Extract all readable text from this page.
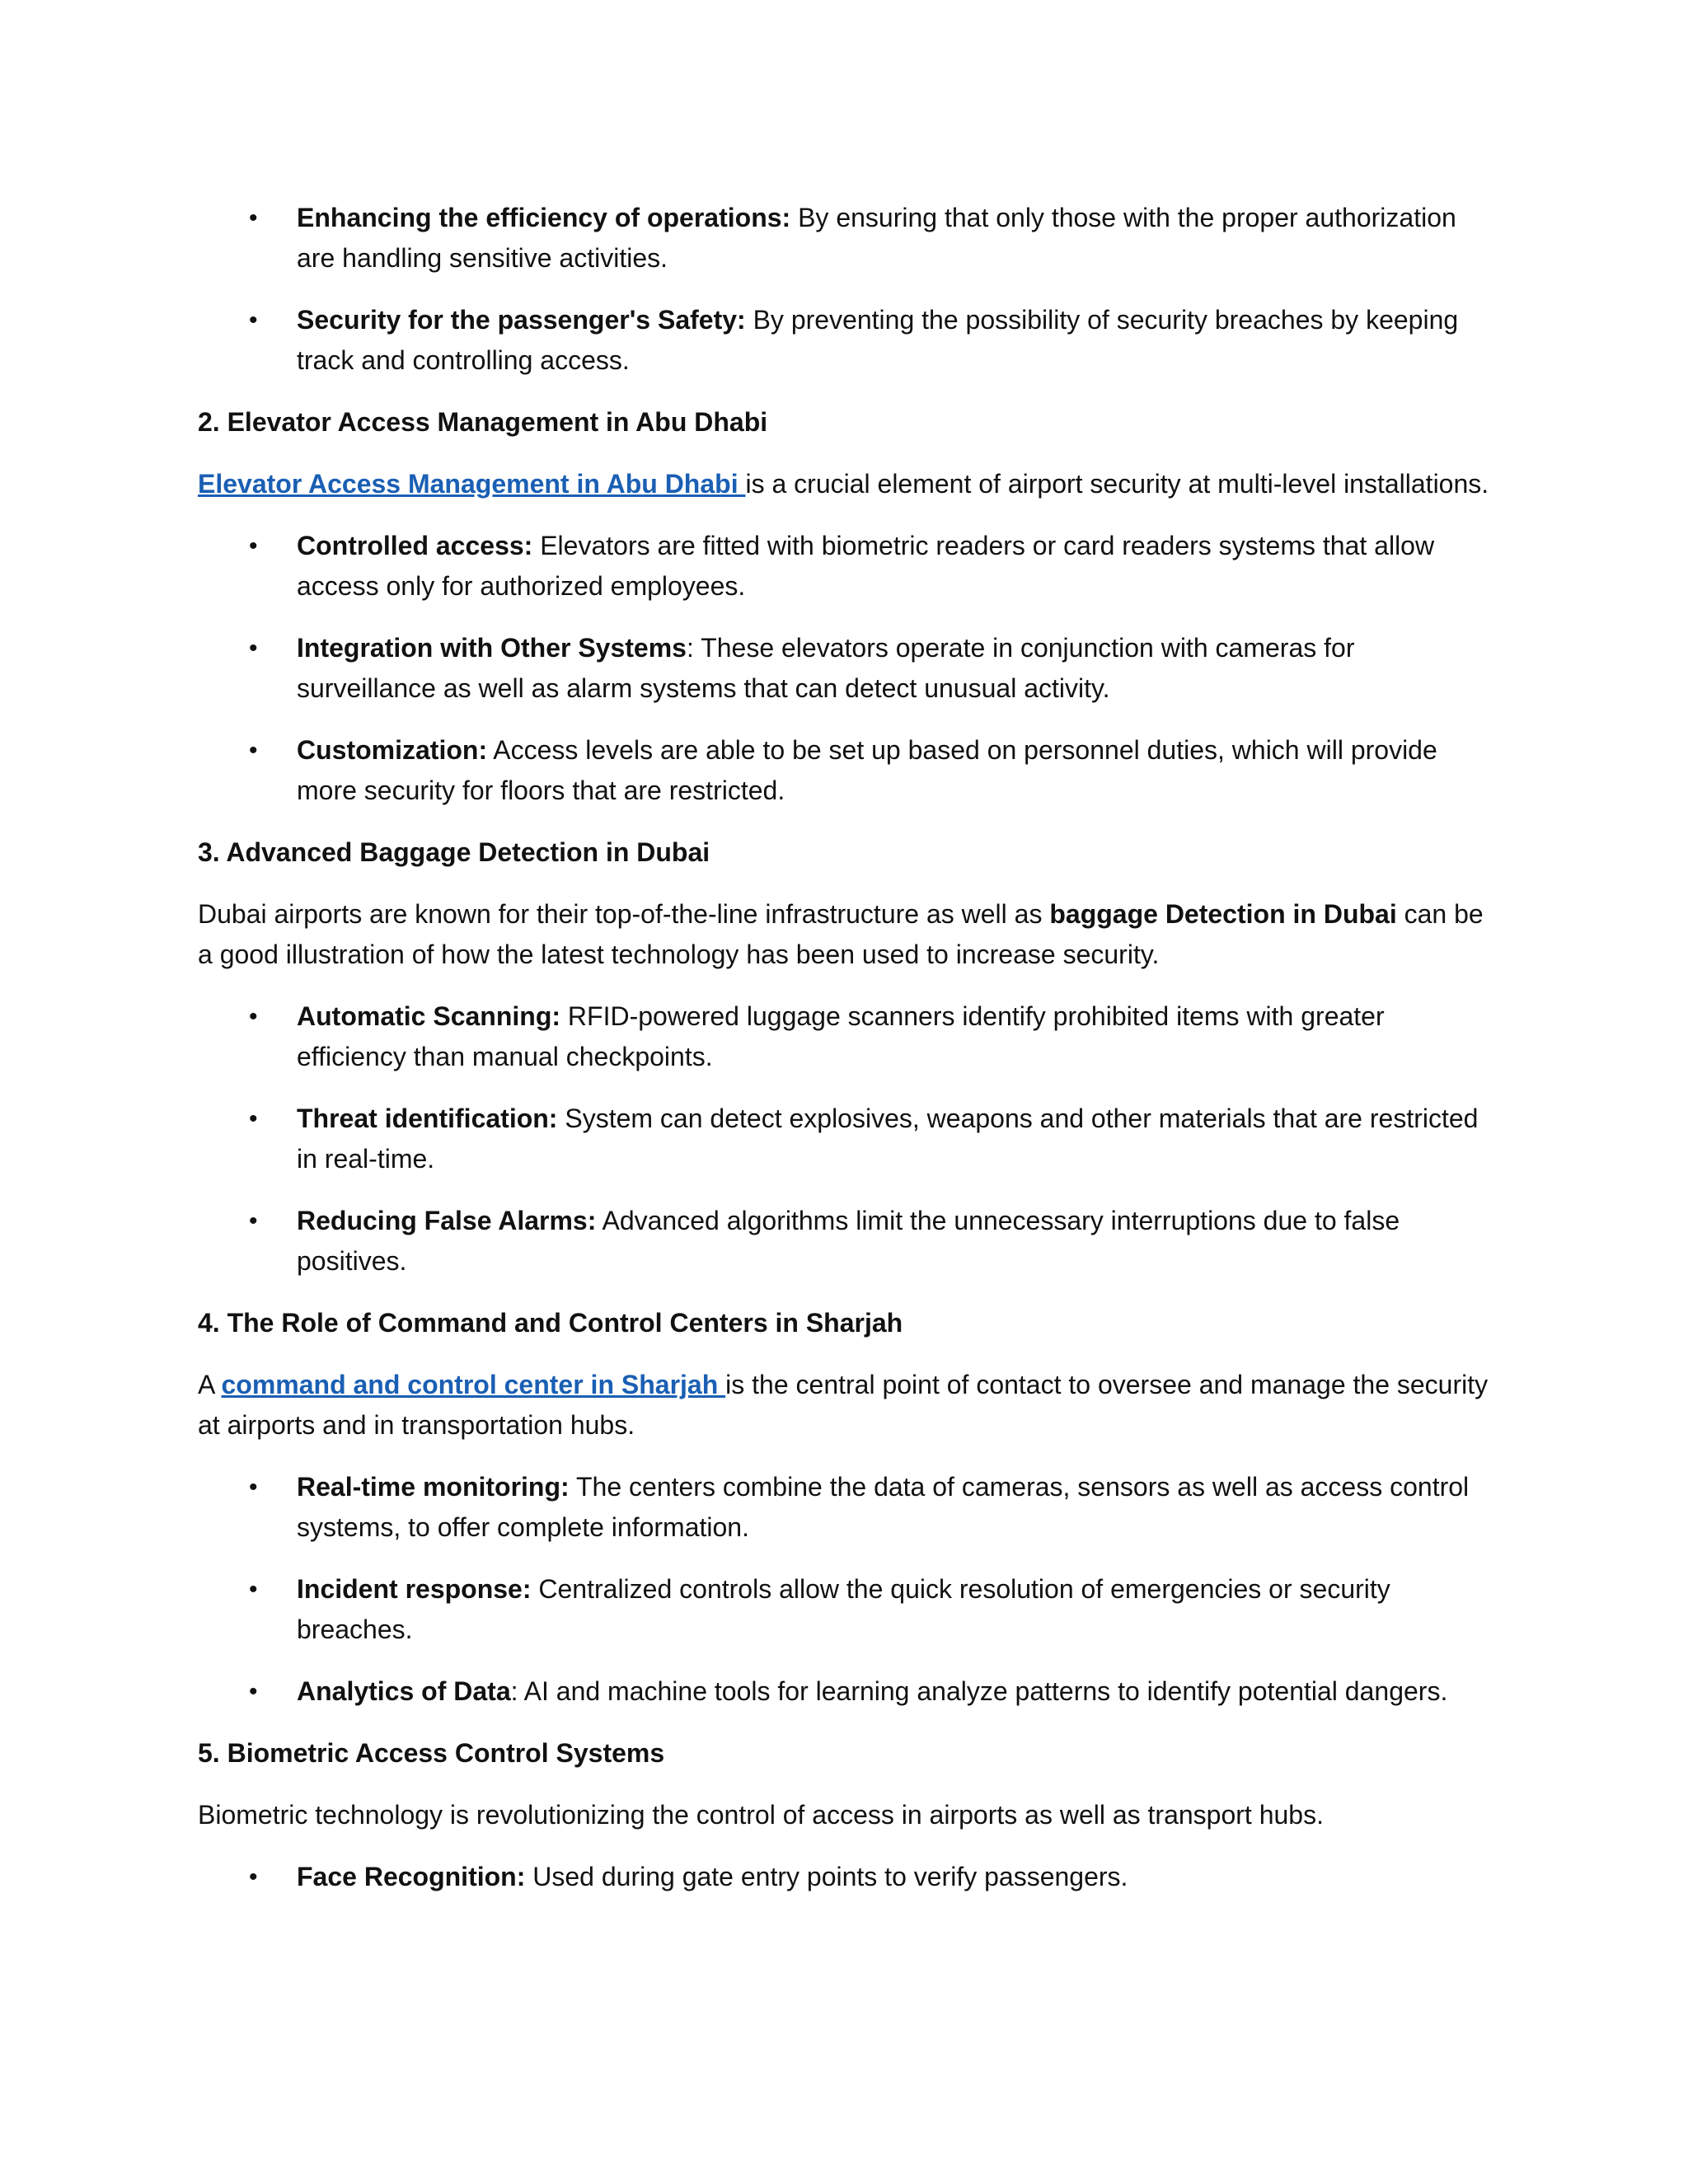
• Enhancing the efficiency of operations: By ensuring that only those with the proper authorization are handling sensitive activities.
• Security for the passenger's Safety: By preventing the possibility of security breaches by keeping track and controlling access.
2. Elevator Access Management in Abu Dhabi

Elevator Access Management in Abu Dhabi is a crucial element of airport security at multi-level installations.

• Controlled access: Elevators are fitted with biometric readers or card readers systems that allow access only for authorized employees.
• Integration with Other Systems: These elevators operate in conjunction with cameras for surveillance as well as alarm systems that can detect unusual activity.
• Customization: Access levels are able to be set up based on personnel duties, which will provide more security for floors that are restricted.
3. Advanced Baggage Detection in Dubai

Dubai airports are known for their top-of-the-line infrastructure as well as baggage Detection in Dubai can be a good illustration of how the latest technology has been used to increase security.

• Automatic Scanning: RFID-powered luggage scanners identify prohibited items with greater efficiency than manual checkpoints.
• Threat identification: System can detect explosives, weapons and other materials that are restricted in real-time.
• Reducing False Alarms: Advanced algorithms limit the unnecessary interruptions due to false positives.
4. The Role of Command and Control Centers in Sharjah

A command and control center in Sharjah is the central point of contact to oversee and manage the security at airports and in transportation hubs.

• Real-time monitoring: The centers combine the data of cameras, sensors as well as access control systems, to offer complete information.
• Incident response: Centralized controls allow the quick resolution of emergencies or security breaches.
• Analytics of Data: AI and machine tools for learning analyze patterns to identify potential dangers.
5. Biometric Access Control Systems

Biometric technology is revolutionizing the control of access in airports as well as transport hubs.

• Face Recognition: Used during gate entry points to verify passengers.
